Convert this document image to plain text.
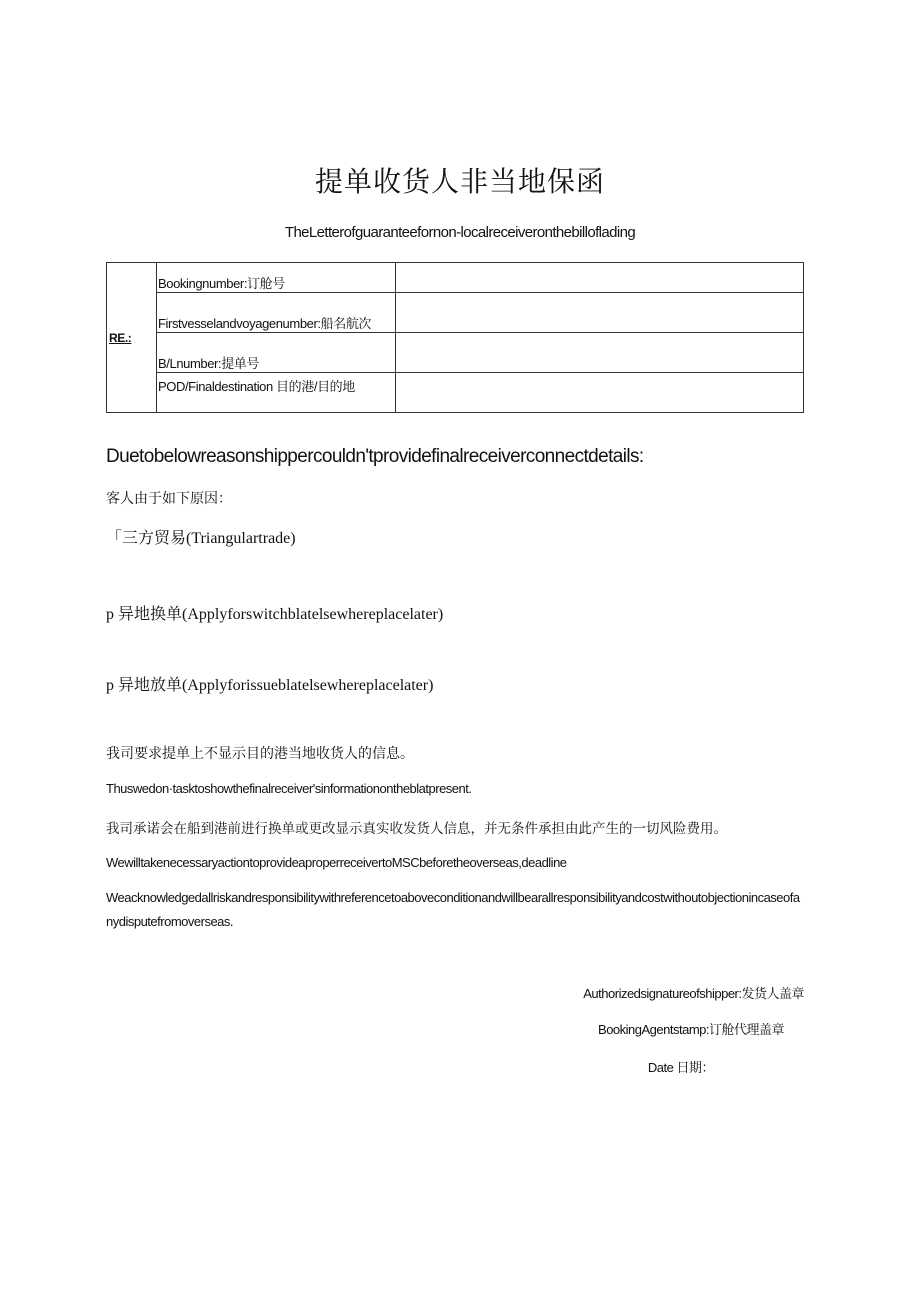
提单收货人非当地保函
TheLetterofguaranteefornon-localreceiveronthebilloflading
RE.:	Bookingnumber:订舱号	

	Firstvesselandvoyagenumber:船名航次	

	B/Lnumber:提单号	

	POD/Finaldestination 目的港/目的地	

Duetobelowreasonshippercouldn'tprovidefinalreceiverconnectdetails:
客人由于如下原因：
「三方贸易(Triangulartrade)
p 异地换单(Applyforswitchblatelsewhereplacelater)
p 异地放单(Applyforissueblatelsewhereplacelater)
我司要求提单上不显示目的港当地收货人的信息。
Thuswedon·tasktoshowthefinalreceiver'sinformationontheblatpresent.
我司承诺会在船到港前进行换单或更改显示真实收发货人信息，并无条件承担由此产生的一切风险费用。
WewilltakenecessaryactiontoprovideaproperreceivertoMSCbeforetheoverseas,deadline
Weacknowledgedallriskandresponsibilitywithreferencetoaboveconditionandwillbearallresponsibilityandcostwithoutobjectionincaseofanydisputefromoverseas.
Authorizedsignatureofshipper:发货人盖章
BookingAgentstamp:订舱代理盖章
Date 日期：
